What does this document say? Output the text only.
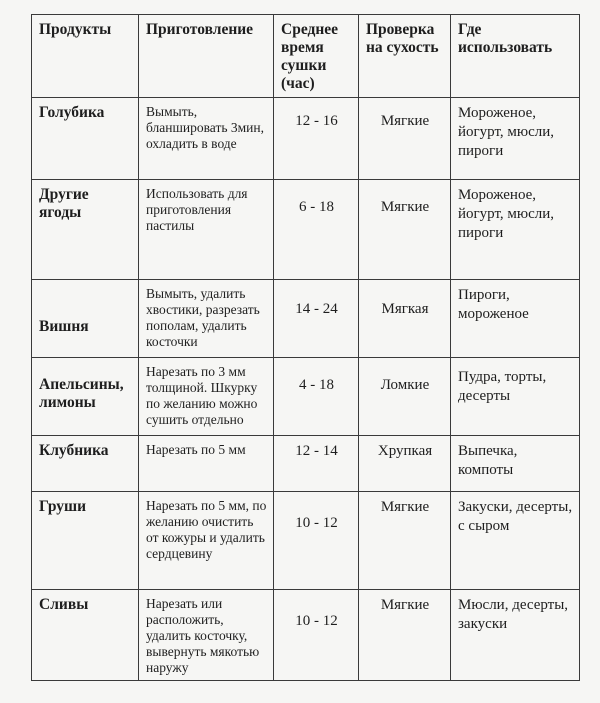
Продукты	Приготовление	Среднее время сушки (час)	Проверка на сухость	Где использовать
Голубика	Вымыть, бланшировать 3мин, охладить в воде	12 - 16	Мягкие	Мороженое, йогурт, мюсли, пироги
Другие ягоды	Использовать для приготовления пастилы	6 - 18	Мягкие	Мороженое, йогурт, мюсли, пироги
Вишня	Вымыть, удалить хвостики, разрезать пополам, удалить косточки	14 - 24	Мягкая	Пироги, мороженое
Апельсины, лимоны	Нарезать по 3 мм толщиной. Шкурку по желанию можно сушить отдельно	4 - 18	Ломкие	Пудра, торты, десерты
Клубника	Нарезать по 5 мм	12 - 14	Хрупкая	Выпечка, компоты
Груши	Нарезать по 5 мм, по желанию очистить от кожуры и удалить сердцевину	10 - 12	Мягкие	Закуски, десерты, с сыром
Сливы	Нарезать или расположить, удалить косточку, вывернуть мякотью наружу	10 - 12	Мягкие	Мюсли, десерты, закуски
